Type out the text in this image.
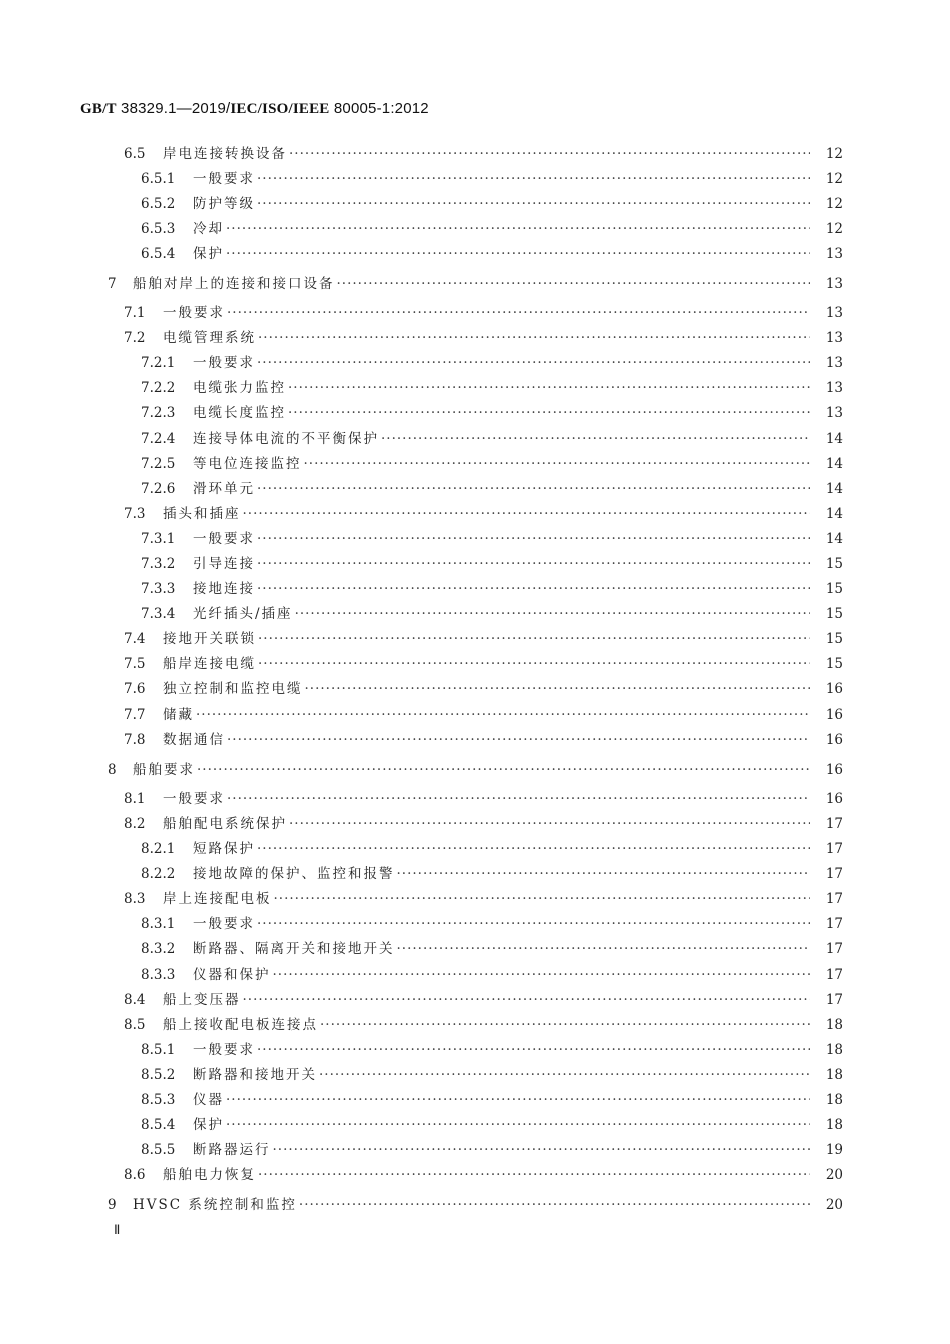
GB/T 38329.1—2019/IEC/ISO/IEEE 80005-1:2012
6.5 岸电连接转换设备 ·····	12
6.5.1 一般要求 ·····	12
6.5.2 防护等级 ·····	12
6.5.3 冷却 ·····	12
6.5.4 保护 ·····	13
7 船舶对岸上的连接和接口设备 ·····	13
7.1 一般要求 ·····	13
7.2 电缆管理系统 ·····	13
7.2.1 一般要求 ·····	13
7.2.2 电缆张力监控 ·····	13
7.2.3 电缆长度监控 ·····	13
7.2.4 连接导体电流的不平衡保护 ·····	14
7.2.5 等电位连接监控 ·····	14
7.2.6 滑环单元 ·····	14
7.3 插头和插座 ·····	14
7.3.1 一般要求 ·····	14
7.3.2 引导连接 ·····	15
7.3.3 接地连接 ·····	15
7.3.4 光纤插头/插座 ·····	15
7.4 接地开关联锁 ·····	15
7.5 船岸连接电缆 ·····	15
7.6 独立控制和监控电缆 ·····	16
7.7 储藏 ·····	16
7.8 数据通信 ·····	16
8 船舶要求 ·····	16
8.1 一般要求 ·····	16
8.2 船舶配电系统保护 ·····	17
8.2.1 短路保护 ·····	17
8.2.2 接地故障的保护、监控和报警 ·····	17
8.3 岸上连接配电板 ·····	17
8.3.1 一般要求 ·····	17
8.3.2 断路器、隔离开关和接地开关 ·····	17
8.3.3 仪器和保护 ·····	17
8.4 船上变压器 ·····	17
8.5 船上接收配电板连接点 ·····	18
8.5.1 一般要求 ·····	18
8.5.2 断路器和接地开关 ·····	18
8.5.3 仪器 ·····	18
8.5.4 保护 ·····	18
8.5.5 断路器运行 ·····	19
8.6 船舶电力恢复 ·····	20
9 HVSC 系统控制和监控 ·····	20
Ⅱ
